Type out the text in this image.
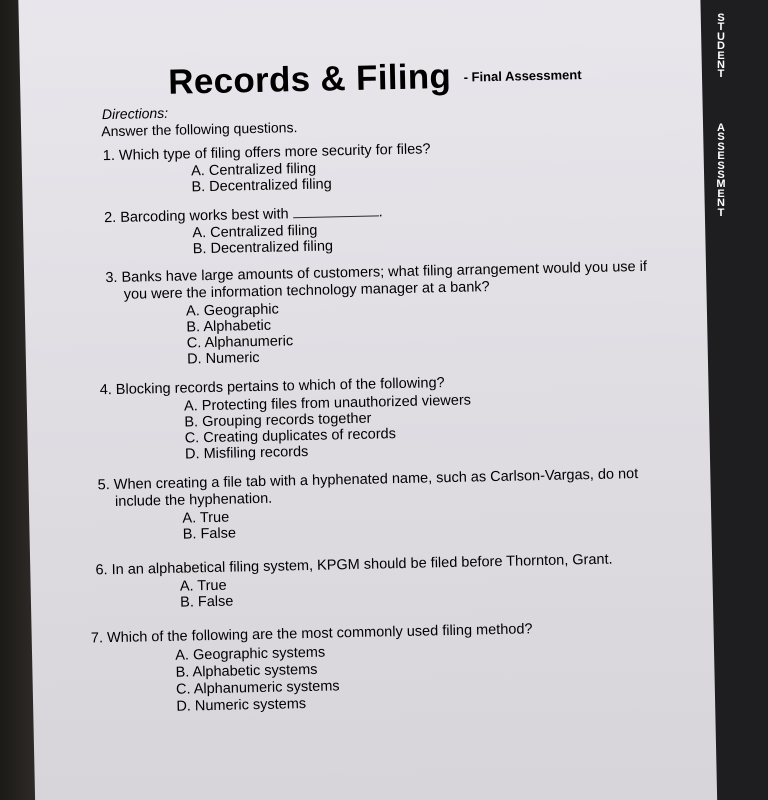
S
T
U
D
E
N
T
A
S
S
E
S
S
M
E
N
T
Records & Filing $^{- Final Assessment}$
Directions:
Answer the following questions.
1. Which type of filing offers more security for files?
A. Centralized filing
B. Decentralized filing
2. Barcoding works best with	.
A. Centralized filing
B. Decentralized filing
3. Banks have large amounts of customers; what filing arrangement would you use if
you were the information technology manager at a bank?
A. Geographic
B. Alphabetic
C. Alphanumeric
D. Numeric
4. Blocking records pertains to which of the following?
A. Protecting files from unauthorized viewers
B. Grouping records together
C. Creating duplicates of records
D. Misfiling records
5. When creating a file tab with a hyphenated name, such as Carlson-Vargas, do not
include the hyphenation.
A. True
B. False
6. In an alphabetical filing system, KPGM should be filed before Thornton, Grant.
A. True
B. False
7. Which of the following are the most commonly used filing method?
A. Geographic systems
B. Alphabetic systems
C. Alphanumeric systems
D. Numeric systems
